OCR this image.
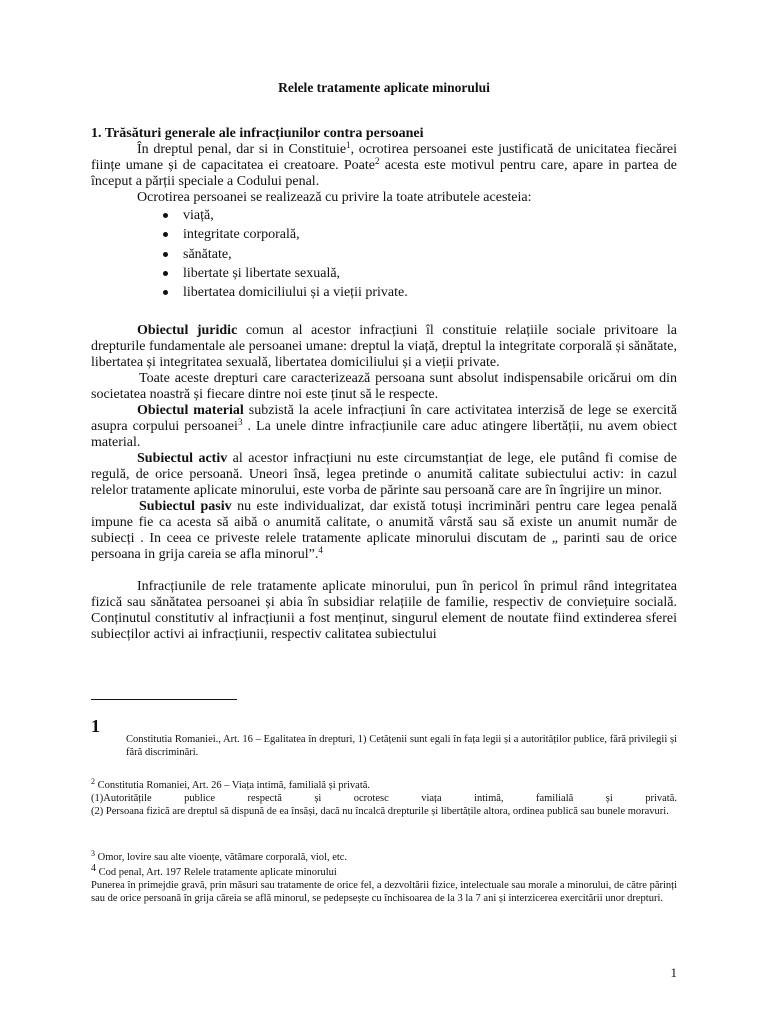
Relele tratamente aplicate minorului

1. Trăsături generale ale infracțiunilor contra persoanei

În dreptul penal, dar si in Constituie$^1$, ocrotirea persoanei este justificată de unicitatea fiecărei ființe umane și de capacitatea ei creatoare. Poate$^2$ acesta este motivul pentru care, apare in partea de început a părții speciale a Codului penal.

Ocrotirea persoanei se realizează cu privire la toate atributele acesteia:

viață,
integritate corporală,
sănătate,
libertate și libertate sexuală,
libertatea domiciliului și a vieții private.

Obiectul juridic comun al acestor infracțiuni îl constituie relațiile sociale privitoare la drepturile fundamentale ale persoanei umane: dreptul la viață, dreptul la integritate corporală și sănătate, libertatea și integritatea sexuală, libertatea domiciliului și a vieții private.

Toate aceste drepturi care caracterizează persoana sunt absolut indispensabile oricărui om din societatea noastră și fiecare dintre noi este ținut să le respecte.

Obiectul material subzistă la acele infracțiuni în care activitatea interzisă de lege se exercită asupra corpului persoanei$^3$ . La unele dintre infracțiunile care aduc atingere libertății, nu avem obiect material.

Subiectul activ al acestor infracțiuni nu este circumstanțiat de lege, ele putând fi comise de regulă, de orice persoană. Uneori însă, legea pretinde o anumită calitate subiectului activ: in cazul relelor tratamente aplicate minorului, este vorba de părinte sau persoană care are în îngrijire un minor.

Subiectul pasiv nu este individualizat, dar există totuși incriminări pentru care legea penală impune fie ca acesta să aibă o anumită calitate, o anumită vârstă sau să existe un anumit număr de subiecți . In ceea ce priveste relele tratamente aplicate minorului discutam de „ parinti sau de orice persoana in grija careia se afla minorul”.$^4$

Infracțiunile de rele tratamente aplicate minorului, pun în pericol în primul rând integritatea fizică sau sănătatea persoanei și abia în subsidiar relațiile de familie, respectiv de conviețuire socială. Conținutul constitutiv al infracțiunii a fost menținut, singurul element de noutate fiind extinderea sferei subiecților activi ai infracțiunii, respectiv calitatea subiectului

1
Constitutia Romaniei., Art. 16 – Egalitatea în drepturi, 1) Cetățenii sunt egali în fața legii și a autorităților publice, fără privilegii și fără discriminări.
$^2$ Constitutia Romaniei, Art. 26 – Viața intimă, familială și privată.
(1)Autoritățile publice respectă și ocrotesc viața intimă, familială și privată.
(2) Persoana fizică are dreptul să dispună de ea însăși, dacă nu încalcă drepturile și libertățile altora, ordinea publică sau bunele moravuri.
$^3$ Omor, lovire sau alte vioențe, vătămare corporală, viol, etc.
4 Cod penal, Art. 197 Relele tratamente aplicate minorului
Punerea în primejdie gravă, prin măsuri sau tratamente de orice fel, a dezvoltării fizice, intelectuale sau morale a minorului, de către părinți sau de orice persoană în grija căreia se află minorul, se pedepsește cu închisoarea de la 3 la 7 ani și interzicerea exercitării unor drepturi.
1
